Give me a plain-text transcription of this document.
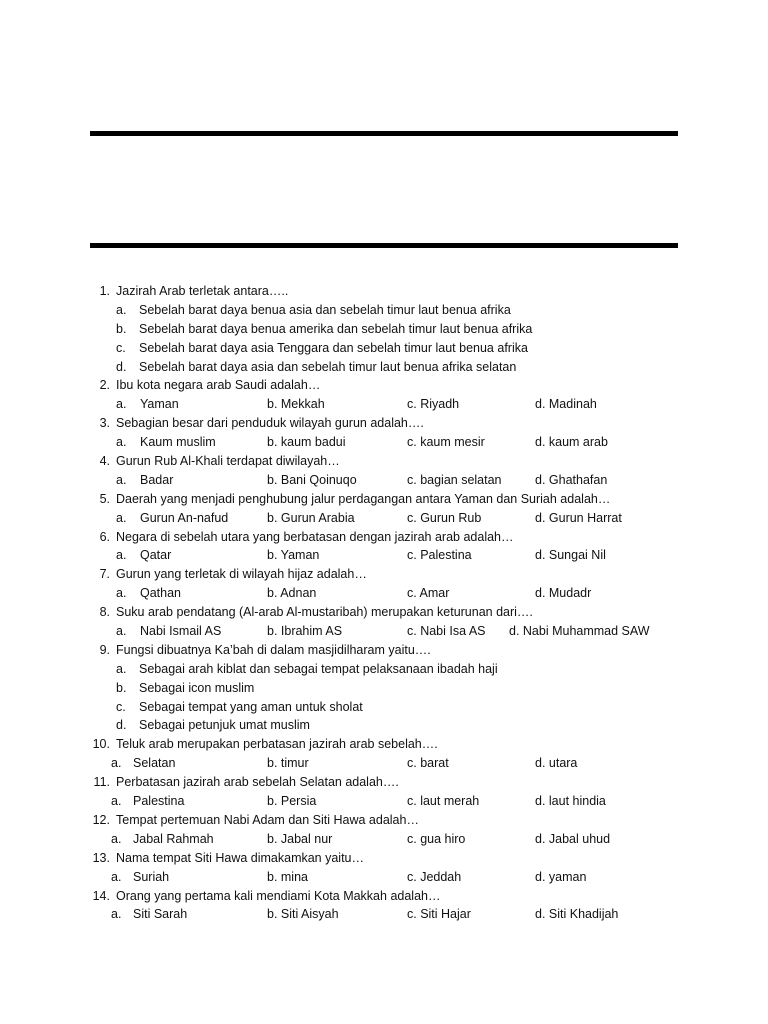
1. Jazirah Arab terletak antara…..
a. Sebelah barat daya benua asia dan sebelah timur laut benua afrika
b. Sebelah barat daya benua amerika dan sebelah timur laut benua afrika
c. Sebelah barat daya asia Tenggara dan sebelah timur laut benua afrika
d. Sebelah barat daya asia dan sebelah timur laut benua afrika selatan
2. Ibu kota negara arab Saudi adalah…
a. Yaman	b. Mekkah	c. Riyadh	d. Madinah
3. Sebagian besar dari penduduk wilayah gurun adalah….
a. Kaum muslim	b. kaum badui	c. kaum mesir	d. kaum arab
4. Gurun Rub Al-Khali terdapat diwilayah…
a. Badar	b. Bani Qoinuqo	c. bagian selatan	d. Ghathafan
5. Daerah yang menjadi penghubung jalur perdagangan antara Yaman dan Suriah adalah…
a. Gurun An-nafud	b. Gurun Arabia	c. Gurun Rub	d. Gurun Harrat
6. Negara di sebelah utara yang berbatasan dengan jazirah arab adalah…
a. Qatar	b. Yaman	c. Palestina	d. Sungai Nil
7. Gurun yang terletak di wilayah hijaz adalah…
a. Qathan	b. Adnan	c. Amar	d. Mudadr
8. Suku arab pendatang (Al-arab Al-mustaribah) merupakan keturunan dari….
a. Nabi Ismail AS	b. Ibrahim AS	c. Nabi Isa AS d. Nabi Muhammad SAW
9. Fungsi dibuatnya Ka’bah di dalam masjidilharam yaitu….
a. Sebagai arah kiblat dan sebagai tempat pelaksanaan ibadah haji
b. Sebagai icon muslim
c. Sebagai tempat yang aman untuk sholat
d. Sebagai petunjuk umat muslim
10. Teluk arab merupakan perbatasan jazirah arab sebelah….
a. Selatan	b. timur	c. barat	d. utara
11. Perbatasan jazirah arab sebelah Selatan adalah….
a. Palestina	b. Persia	c. laut merah	d. laut hindia
12. Tempat pertemuan Nabi Adam dan Siti Hawa adalah…
a. Jabal Rahmah	b. Jabal nur	c. gua hiro	d. Jabal uhud
13. Nama tempat Siti Hawa dimakamkan yaitu…
a. Suriah	b. mina	c. Jeddah	d. yaman
14. Orang yang pertama kali mendiami Kota Makkah adalah…
a. Siti Sarah	b. Siti Aisyah	c. Siti Hajar	d. Siti Khadijah
